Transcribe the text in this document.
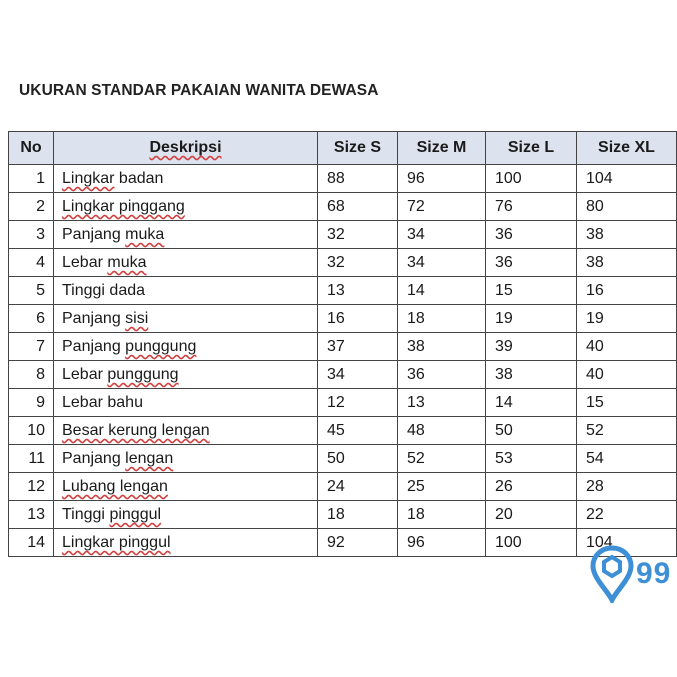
UKURAN STANDAR PAKAIAN WANITA DEWASA
No	Deskripsi	Size S	Size M	Size L	Size XL
1	Lingkar badan	88	96	100	104
2	Lingkar pinggang	68	72	76	80
3	Panjang muka	32	34	36	38
4	Lebar muka	32	34	36	38
5	Tinggi dada	13	14	15	16
6	Panjang sisi	16	18	19	19
7	Panjang punggung	37	38	39	40
8	Lebar punggung	34	36	38	40
9	Lebar bahu	12	13	14	15
10	Besar kerung lengan	45	48	50	52
11	Panjang lengan	50	52	53	54
12	Lubang lengan	24	25	26	28
13	Tinggi pinggul	18	18	20	22
14	Lingkar pinggul	92	96	100	104
99
